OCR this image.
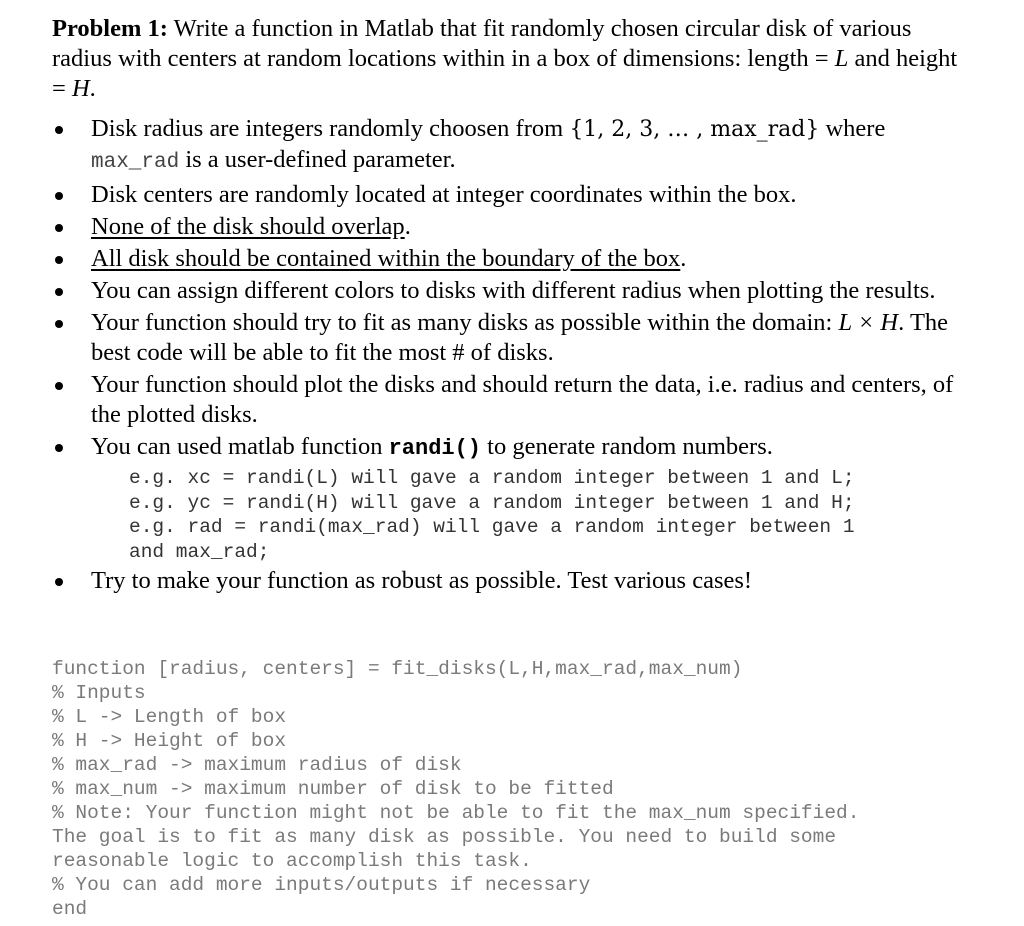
Problem 1: Write a function in Matlab that fit randomly chosen circular disk of various radius with centers at random locations within in a box of dimensions: length = L and height = H.

Disk radius are integers randomly choosen from {1, 2, 3, … , max_rad} where max_rad is a user-defined parameter.
Disk centers are randomly located at integer coordinates within the box.
None of the disk should overlap.
All disk should be contained within the boundary of the box.
You can assign different colors to disks with different radius when plotting the results.
Your function should try to fit as many disks as possible within the domain: L × H. The best code will be able to fit the most # of disks.
Your function should plot the disks and should return the data, i.e. radius and centers, of the plotted disks.
You can used matlab function randi() to generate random numbers.
e.g. xc = randi(L) will gave a random integer between 1 and L;
e.g. yc = randi(H) will gave a random integer between 1 and H;
e.g. rad = randi(max_rad) will gave a random integer between 1
and max_rad;
Try to make your function as robust as possible. Test various cases!
function [radius, centers] = fit_disks(L,H,max_rad,max_num)
% Inputs
% L -> Length of box
% H -> Height of box
% max_rad -> maximum radius of disk
% max_num -> maximum number of disk to be fitted
% Note: Your function might not be able to fit the max_num specified.
The goal is to fit as many disk as possible. You need to build some
reasonable logic to accomplish this task.
% You can add more inputs/outputs if necessary
end
